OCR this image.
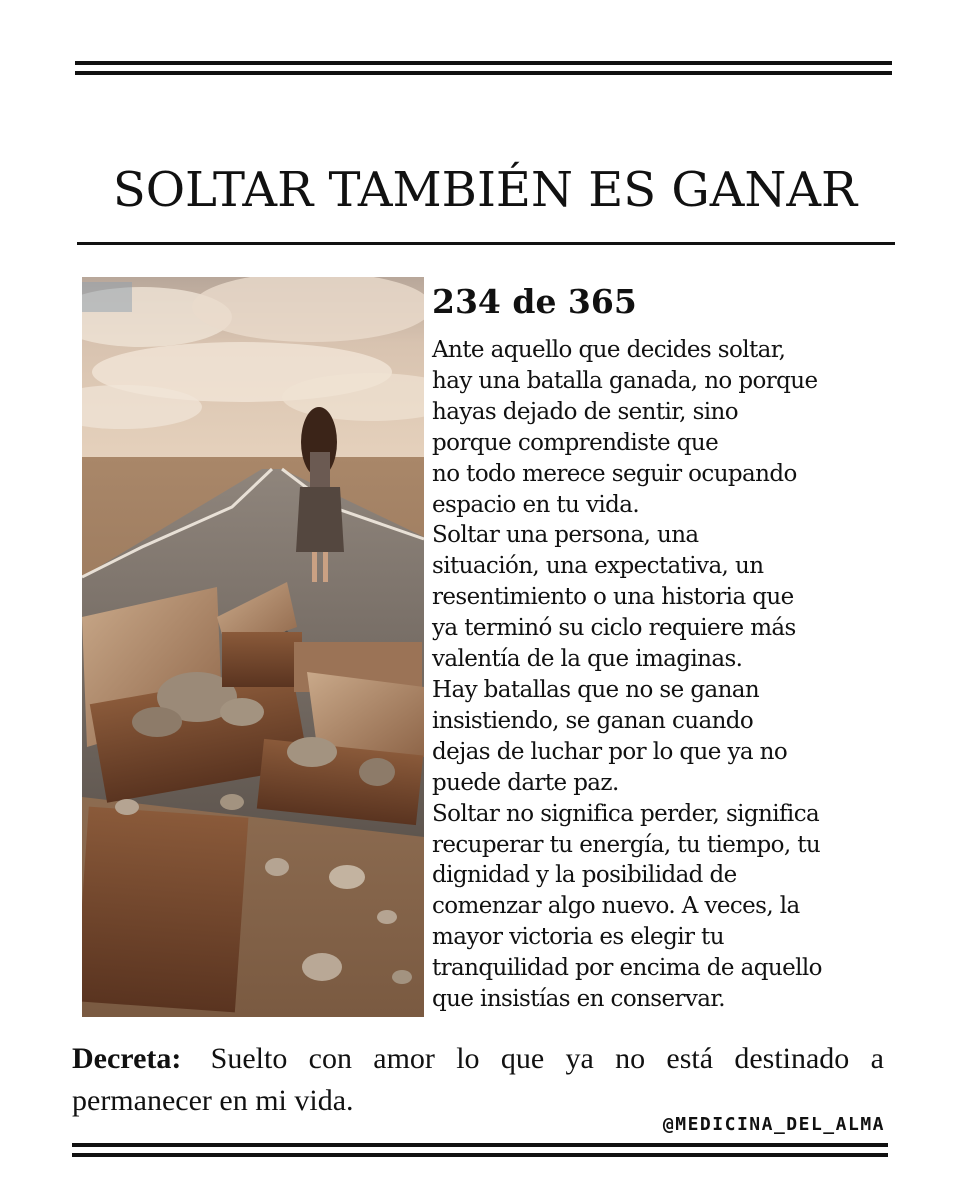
SOLTAR TAMBIÉN ES GANAR
234 de 365
Ante aquello que decides soltar,
hay una batalla ganada, no porque
hayas dejado de sentir, sino
porque comprendiste que
no todo merece seguir ocupando
espacio en tu vida.
Soltar una persona, una
situación, una expectativa, un
resentimiento o una historia que
ya terminó su ciclo requiere más
valentía de la que imaginas.
Hay batallas que no se ganan
insistiendo, se ganan cuando
dejas de luchar por lo que ya no
puede darte paz.
Soltar no significa perder, significa
recuperar tu energía, tu tiempo, tu
dignidad y la posibilidad de
comenzar algo nuevo. A veces, la
mayor victoria es elegir tu
tranquilidad por encima de aquello
que insistías en conservar.
Decreta: Suelto con amor lo que ya no está destinado a
permanecer en mi vida.
@MEDICINA_DEL_ALMA
